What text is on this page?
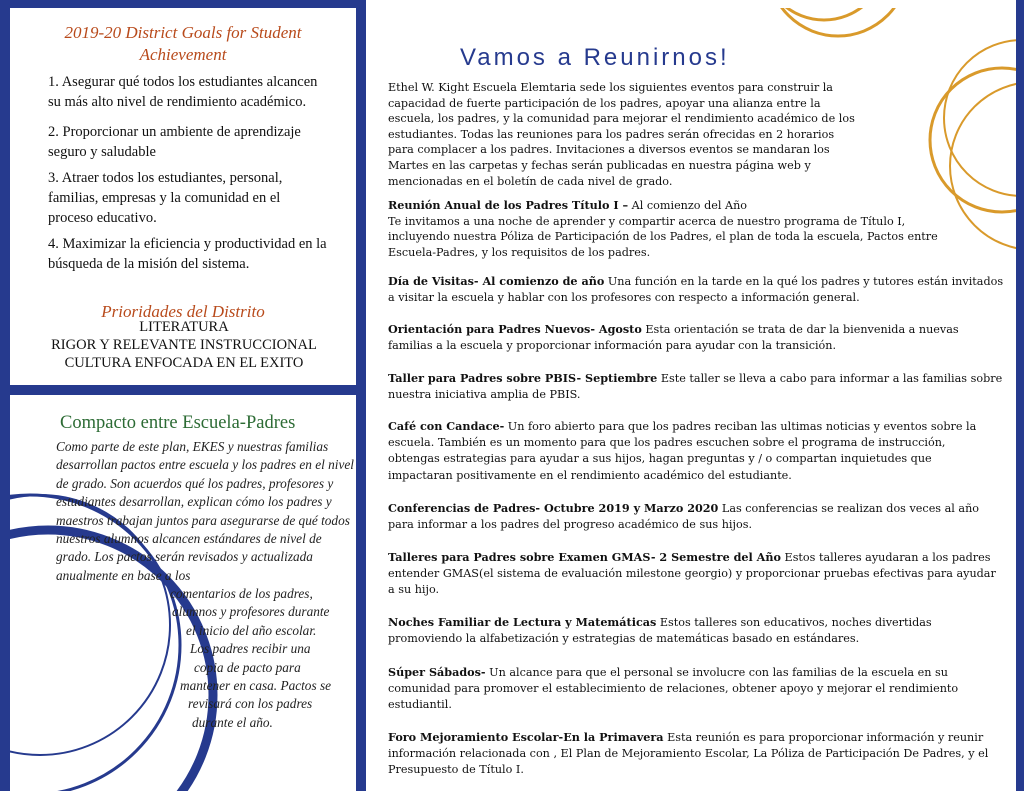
2019-20 District Goals for Student
Achievement
1. Asegurar qué todos los estudiantes alcancen
su más alto nivel de rendimiento académico.
2. Proporcionar un ambiente de aprendizaje
seguro y saludable
3. Atraer todos los estudiantes, personal,
familias, empresas y la comunidad en el
proceso educativo.
4. Maximizar la eficiencia y productividad en la
búsqueda de la misión del sistema.
Prioridades del Distrito
LITERATURA
RIGOR Y RELEVANTE INSTRUCCIONAL
CULTURA ENFOCADA EN EL EXITO
Compacto entre Escuela-Padres
Como parte de este plan, EKES y nuestras familias
desarrollan pactos entre escuela y los padres en el nivel
de grado. Son acuerdos qué los padres, profesores y
estudiantes desarrollan, explican cómo los padres y
maestros trabajan juntos para asegurarse de qué todos
nuestros alumnos alcancen estándares de nivel de
grado. Los pactos serán revisados y actualizada
anualmente en base a los
comentarios de los padres,
alumnos y profesores durante
el inicio del año escolar.
Los padres recibir una
copia de pacto para
mantener en casa. Pactos se
revisará con los padres
durante el año.
Vamos a Reunirnos!
Ethel W. Kight Escuela Elemtaria sede los siguientes eventos para construir la
capacidad de fuerte participación de los padres, apoyar una alianza entre la
escuela, los padres, y la comunidad para mejorar el rendimiento académico de los
estudiantes. Todas las reuniones para los padres serán ofrecidas en 2 horarios
para complacer a los padres. Invitaciones a diversos eventos se mandaran los
Martes en las carpetas y fechas serán publicadas en nuestra página web y
mencionadas en el boletín de cada nivel de grado.
Reunión Anual de los Padres Título I – Al comienzo del Año
Te invitamos a una noche de aprender y compartir acerca de nuestro programa de Título I,
incluyendo nuestra Póliza de Participación de los Padres, el plan de toda la escuela, Pactos entre
Escuela-Padres, y los requisitos de los padres.
Día de Visitas- Al comienzo de año Una función en la tarde en la qué los padres y tutores están invitados
a visitar la escuela y hablar con los profesores con respecto a información general.
Orientación para Padres Nuevos- Agosto Esta orientación se trata de dar la bienvenida a nuevas
familias a la escuela y proporcionar información para ayudar con la transición.
Taller para Padres sobre PBIS- Septiembre Este taller se lleva a cabo para informar a las familias sobre
nuestra iniciativa amplia de PBIS.
Café con Candace- Un foro abierto para que los padres reciban las ultimas noticias y eventos sobre la
escuela. También es un momento para que los padres escuchen sobre el programa de instrucción,
obtengas estrategias para ayudar a sus hijos, hagan preguntas y / o compartan inquietudes que
impactaran positivamente en el rendimiento académico del estudiante.
Conferencias de Padres- Octubre 2019 y Marzo 2020 Las conferencias se realizan dos veces al año
para informar a los padres del progreso académico de sus hijos.
Talleres para Padres sobre Examen GMAS- 2 Semestre del Año Estos talleres ayudaran a los padres
entender GMAS(el sistema de evaluación milestone georgio) y proporcionar pruebas efectivas para ayudar
a su hijo.
Noches Familiar de Lectura y Matemáticas Estos talleres son educativos, noches divertidas
promoviendo la alfabetización y estrategias de matemáticas basado en estándares.
Súper Sábados- Un alcance para que el personal se involucre con las familias de la escuela en su
comunidad para promover el establecimiento de relaciones, obtener apoyo y mejorar el rendimiento
estudiantil.
Foro Mejoramiento Escolar-En la Primavera Esta reunión es para proporcionar información y reunir
información relacionada con , El Plan de Mejoramiento Escolar, La Póliza de Participación De Padres, y el
Presupuesto de Título I.
